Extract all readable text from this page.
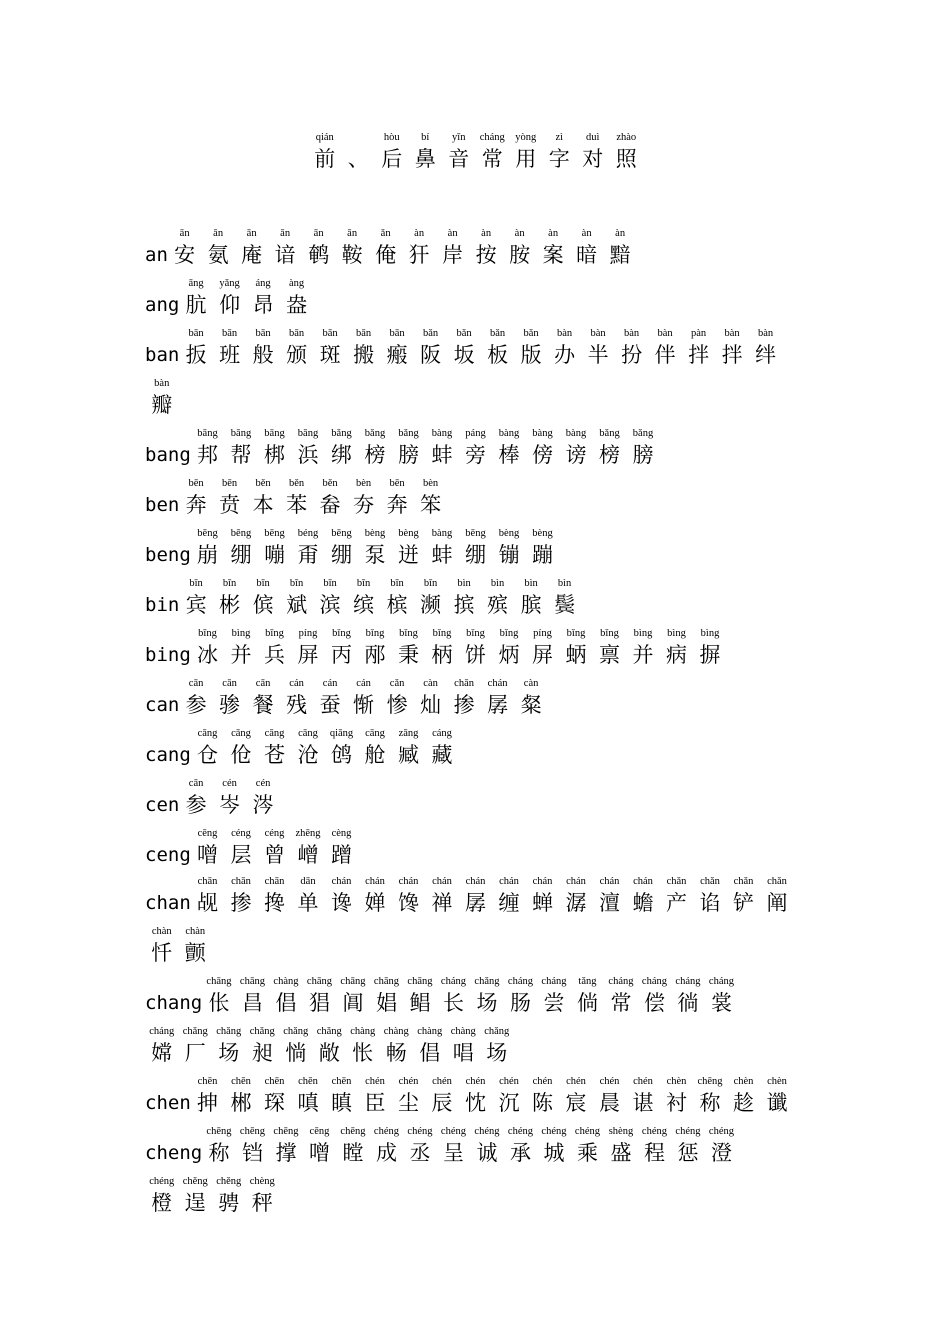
qián
前 、
hòu
后
bí
鼻
yīn
音
cháng
常
yòng
用
zì
字
duì
对
zhào
照
an
ān
安
ān
氨
ān
庵
ān
谙
ān
鹌
ān
鞍
ǎn
俺
àn
犴
àn
岸
àn
按
àn
胺
àn
案
àn
暗
àn
黯
ang
āng
肮
yǎng
仰
áng
昂
àng
盎
ban
bān
扳
bān
班
bān
般
bān
颁
bān
斑
bān
搬
bān
瘢
bǎn
阪
bǎn
坂
bǎn
板
bǎn
版
bàn
办
bàn
半
bàn
扮
bàn
伴
pàn
拌
bàn
拌
bàn
绊
bàn
瓣
bang
bāng
邦
bāng
帮
bāng
梆
bāng
浜
bǎng
绑
bǎng
榜
bǎng
膀
bàng
蚌
páng
旁
bàng
棒
bàng
傍
bàng
谤
bǎng
榜
bǎng
膀
ben
bēn
奔
bēn
贲
běn
本
běn
苯
běn
畚
bèn
夯
bēn
奔
bèn
笨
beng
bēng
崩
bēng
绷
bēng
嘣
béng
甭
bēng
绷
bèng
泵
bèng
迸
bàng
蚌
bēng
绷
bèng
镚
bèng
蹦
bin
bīn
宾
bīn
彬
bīn
傧
bīn
斌
bīn
滨
bīn
缤
bīn
槟
bīn
濒
bìn
摈
bìn
殡
bìn
膑
bìn
鬓
bing
bīng
冰
bìng
并
bīng
兵
píng
屏
bǐng
丙
bǐng
邴
bǐng
秉
bǐng
柄
bǐng
饼
bǐng
炳
píng
屏
bǐng
蛃
bǐng
禀
bìng
并
bìng
病
bìng
摒
can
cān
参
cān
骖
cān
餐
cán
残
cán
蚕
cán
惭
cǎn
惨
càn
灿
chān
掺
chán
孱
càn
粲
cang
cāng
仓
cāng
伧
cāng
苍
cāng
沧
qiāng
鸧
cāng
舱
zāng
臧
cáng
藏
cen
cān
参
cén
岑
cén
涔
ceng
cēng
噌
céng
层
céng
曾
zhēng
嶒
cèng
蹭
chan
chān
觇
chān
掺
chān
搀
dān
单
chán
谗
chán
婵
chán
馋
chán
禅
chán
孱
chán
缠
chán
蝉
chán
潺
chán
澶
chán
蟾
chǎn
产
chǎn
谄
chǎn
铲
chǎn
阐
chàn
忏
chàn
颤
chang
chāng
伥
chāng
昌
chàng
倡
chāng
猖
chāng
阊
chāng
娼
chāng
鲳
cháng
长
chǎng
场
cháng
肠
cháng
尝
tǎng
倘
cháng
常
cháng
偿
cháng
徜
cháng
裳
cháng
嫦
chǎng
厂
chǎng
场
chǎng
昶
chǎng
惝
chǎng
敞
chàng
怅
chàng
畅
chàng
倡
chàng
唱
chǎng
场
chen
chēn
抻
chēn
郴
chēn
琛
chēn
嗔
chēn
瞋
chén
臣
chén
尘
chén
辰
chén
忱
chén
沉
chén
陈
chén
宸
chén
晨
chén
谌
chèn
衬
chēng
称
chèn
趁
chèn
谶
cheng
chēng
称
chēng
铛
chēng
撑
cēng
噌
chēng
瞠
chéng
成
chéng
丞
chéng
呈
chéng
诚
chéng
承
chéng
城
chéng
乘
shèng
盛
chéng
程
chéng
惩
chéng
澄
chéng
橙
chěng
逞
chěng
骋
chèng
秤
